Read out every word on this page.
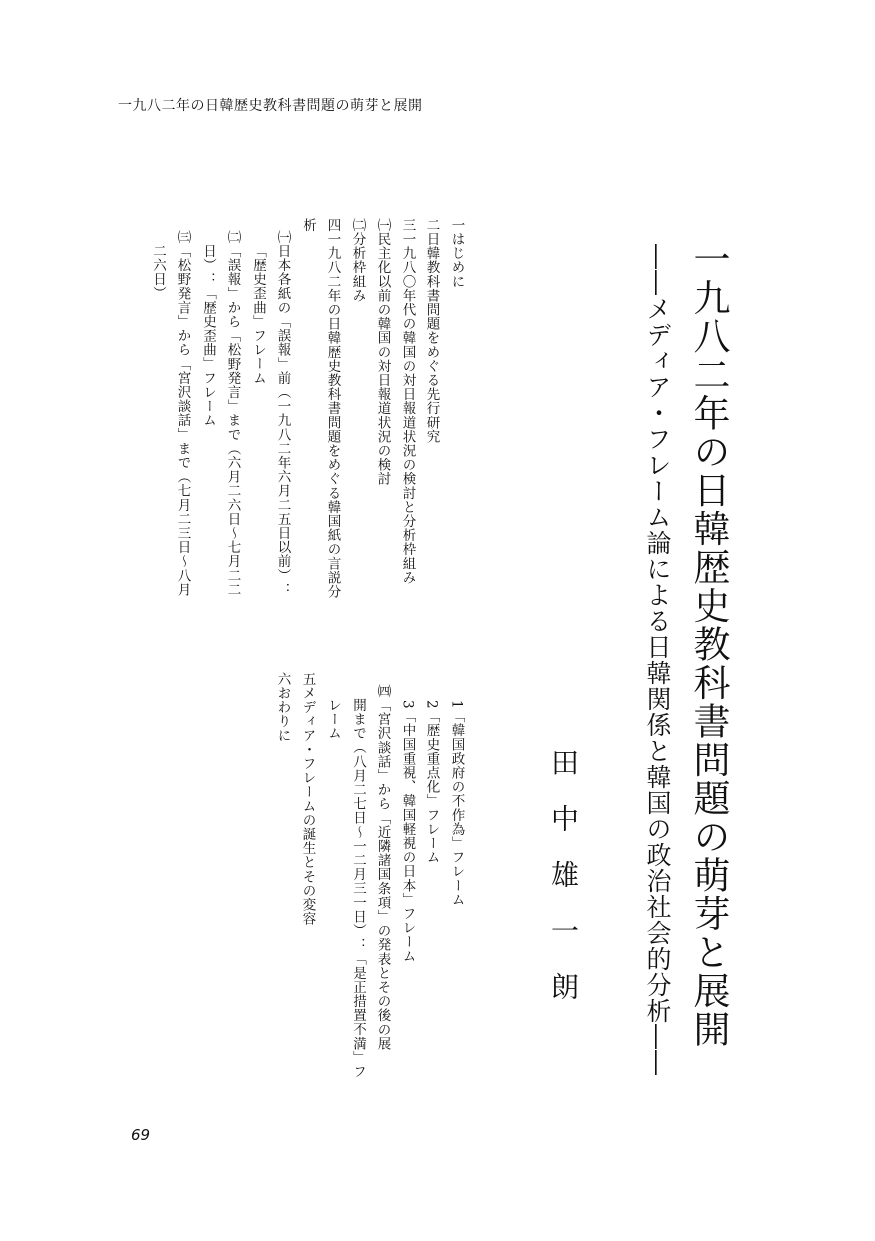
一九八二年の日韓歴史教科書問題の萌芽と展開
一九八二年の日韓歴史教科書問題の萌芽と展開
――メディア・フレーム論による日韓関係と韓国の政治社会的分析――
田中雄一朗
一はじめに
二日韓教科書問題をめぐる先行研究
三一九八〇年代の韓国の対日報道状況の検討と分析枠組み
㈠民主化以前の韓国の対日報道状況の検討
㈡分析枠組み
四一九八二年の日韓歴史教科書問題をめぐる韓国紙の言説分
析
㈠日本各紙の「誤報」前（一九八二年六月二五日以前）：
「歴史歪曲」フレーム
㈡「誤報」から「松野発言」まで（六月二六日〜七月二二
日）：「歴史歪曲」フレーム
㈢「松野発言」から「宮沢談話」まで（七月二三日〜八月
二六日）
1「韓国政府の不作為」フレーム
2「歴史重点化」フレーム
3「中国重視、韓国軽視の日本」フレーム
㈣「宮沢談話」から「近隣諸国条項」の発表とその後の展
開まで（八月二七日〜一二月三一日）：「是正措置不満」フ
レーム
五メディア・フレームの誕生とその変容
六おわりに
69
